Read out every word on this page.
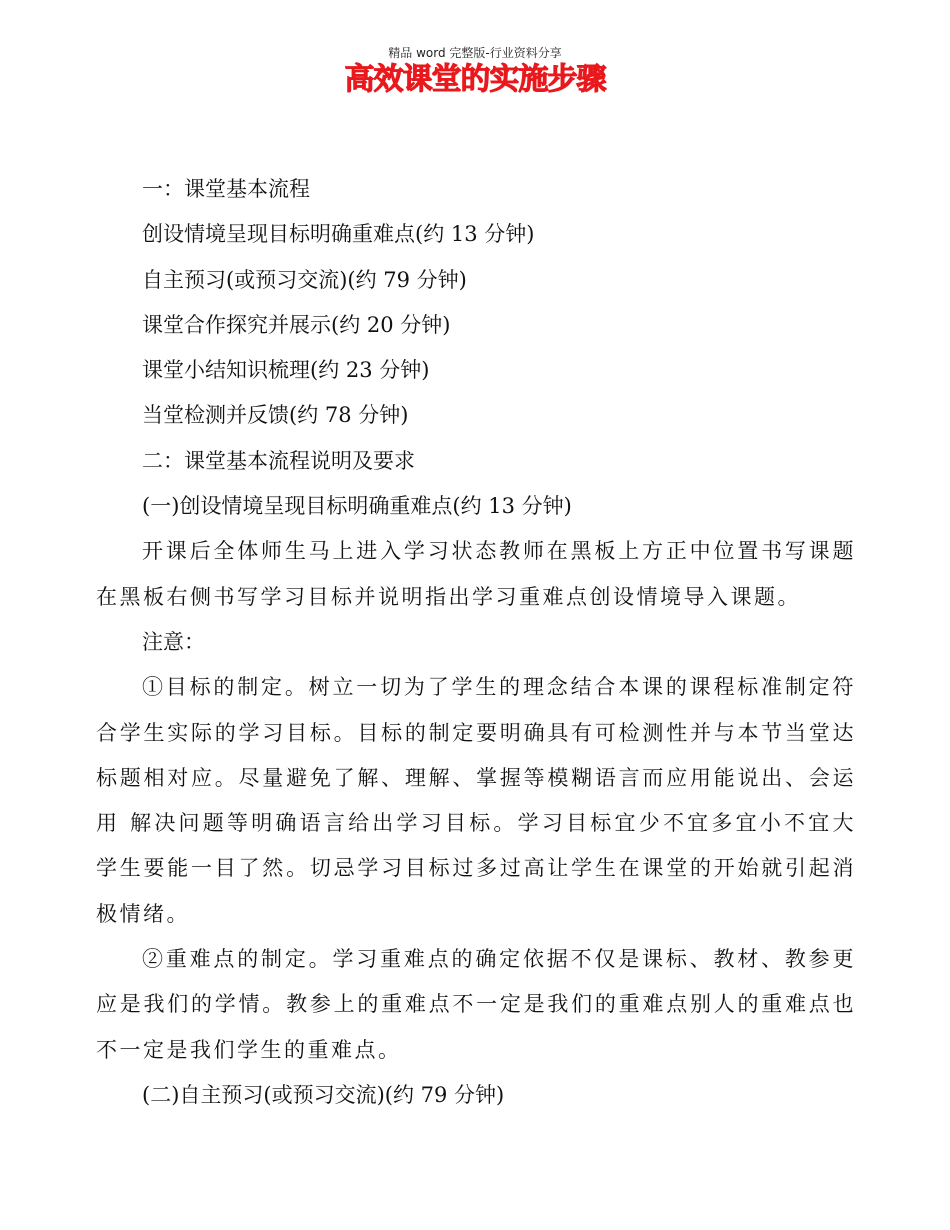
精品 word 完整版-行业资料分享
高效课堂的实施步骤
一：课堂基本流程
创设情境呈现目标明确重难点(约 13 分钟)
自主预习(或预习交流)(约 79 分钟)
课堂合作探究并展示(约 20 分钟)
课堂小结知识梳理(约 23 分钟)
当堂检测并反馈(约 78 分钟)
二：课堂基本流程说明及要求
(一)创设情境呈现目标明确重难点(约 13 分钟)

开课后全体师生马上进入学习状态教师在黑板上方正中位置书写课题在黑板右侧书写学习目标并说明指出学习重难点创设情境导入课题。

注意：

①目标的制定。树立一切为了学生的理念结合本课的课程标准制定符合学生实际的学习目标。目标的制定要明确具有可检测性并与本节当堂达标题相对应。尽量避免了解、理解、掌握等模糊语言而应用能说出、会运用 解决问题等明确语言给出学习目标。学习目标宜少不宜多宜小不宜大学生要能一目了然。切忌学习目标过多过高让学生在课堂的开始就引起消极情绪。

②重难点的制定。学习重难点的确定依据不仅是课标、教材、教参更应是我们的学情。教参上的重难点不一定是我们的重难点别人的重难点也不一定是我们学生的重难点。

(二)自主预习(或预习交流)(约 79 分钟)
